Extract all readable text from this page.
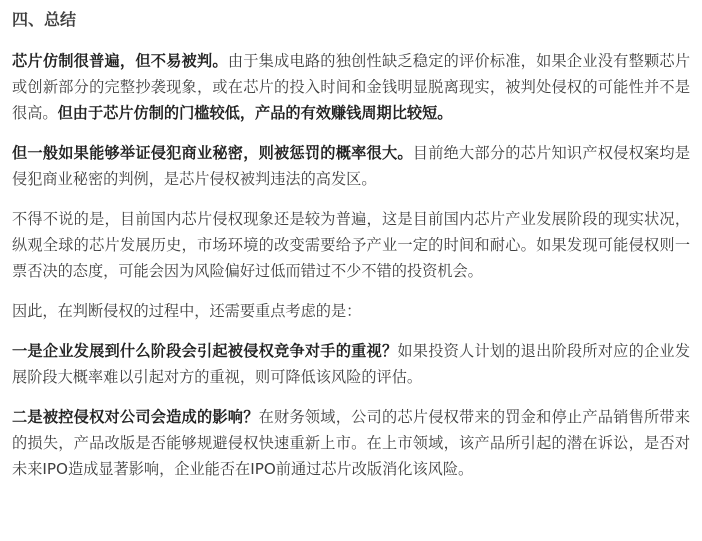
四、总结

芯片仿制很普遍，但不易被判。由于集成电路的独创性缺乏稳定的评价标准，如果企业没有整颗芯片或创新部分的完整抄袭现象，或在芯片的投入时间和金钱明显脱离现实，被判处侵权的可能性并不是很高。但由于芯片仿制的门槛较低，产品的有效赚钱周期比较短。

但一般如果能够举证侵犯商业秘密，则被惩罚的概率很大。目前绝大部分的芯片知识产权侵权案均是侵犯商业秘密的判例，是芯片侵权被判违法的高发区。

不得不说的是，目前国内芯片侵权现象还是较为普遍，这是目前国内芯片产业发展阶段的现实状况，纵观全球的芯片发展历史，市场环境的改变需要给予产业一定的时间和耐心。如果发现可能侵权则一票否决的态度，可能会因为风险偏好过低而错过不少不错的投资机会。

因此，在判断侵权的过程中，还需要重点考虑的是：

一是企业发展到什么阶段会引起被侵权竞争对手的重视？如果投资人计划的退出阶段所对应的企业发展阶段大概率难以引起对方的重视，则可降低该风险的评估。

二是被控侵权对公司会造成的影响？在财务领域，公司的芯片侵权带来的罚金和停止产品销售所带来的损失，产品改版是否能够规避侵权快速重新上市。在上市领域，该产品所引起的潜在诉讼，是否对未来IPO造成显著影响，企业能否在IPO前通过芯片改版消化该风险。
